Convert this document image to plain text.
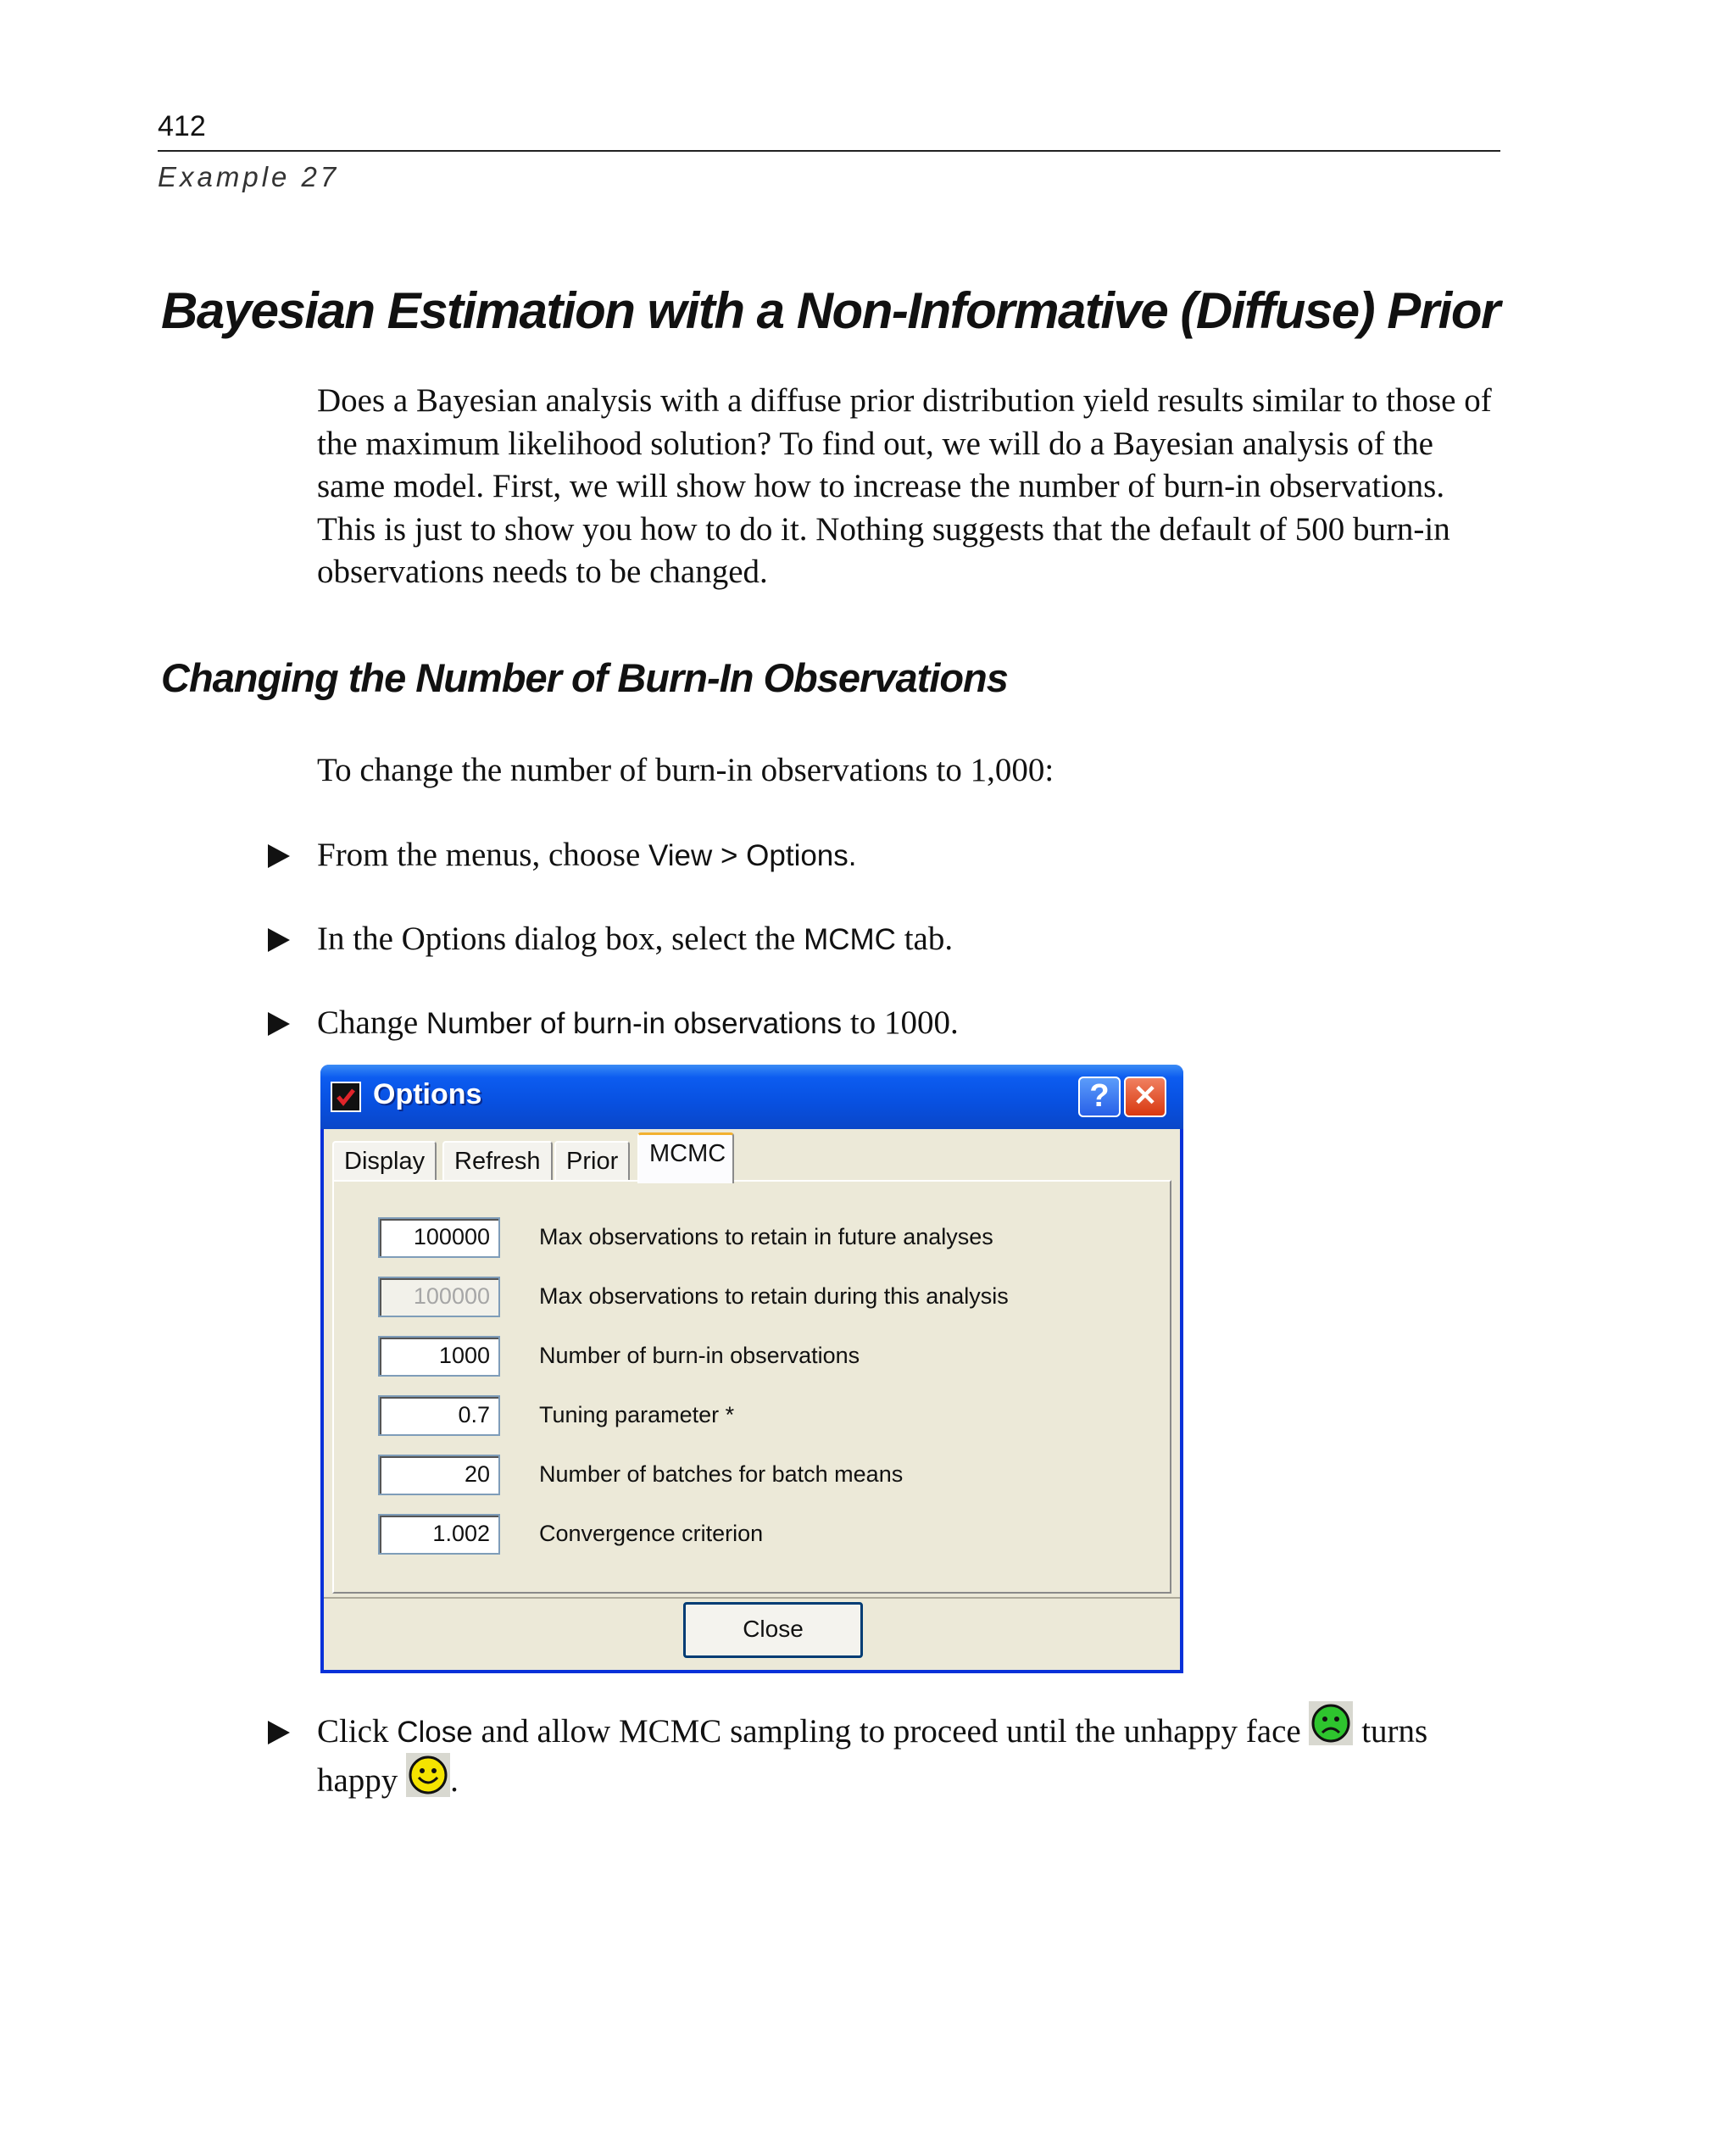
412
Example 27
Bayesian Estimation with a Non-Informative (Diffuse) Prior
Does a Bayesian analysis with a diffuse prior distribution yield results similar to those of the maximum likelihood solution? To find out, we will do a Bayesian analysis of the same model. First, we will show how to increase the number of burn-in observations. This is just to show you how to do it. Nothing suggests that the default of 500 burn-in observations needs to be changed.
Changing the Number of Burn-In Observations
To change the number of burn-in observations to 1,000:
From the menus, choose View > Options.
In the Options dialog box, select the MCMC tab.
Change Number of burn-in observations to 1000.
Options	? ✕
Display	Refresh	Prior	MCMC
100000	Max observations to retain in future analyses
100000	Max observations to retain during this analysis
1000	Number of burn-in observations
0.7	Tuning parameter *
20	Number of batches for batch means
1.002	Convergence criterion
Close
Click Close and allow MCMC sampling to proceed until the unhappy face  turns
happy .
